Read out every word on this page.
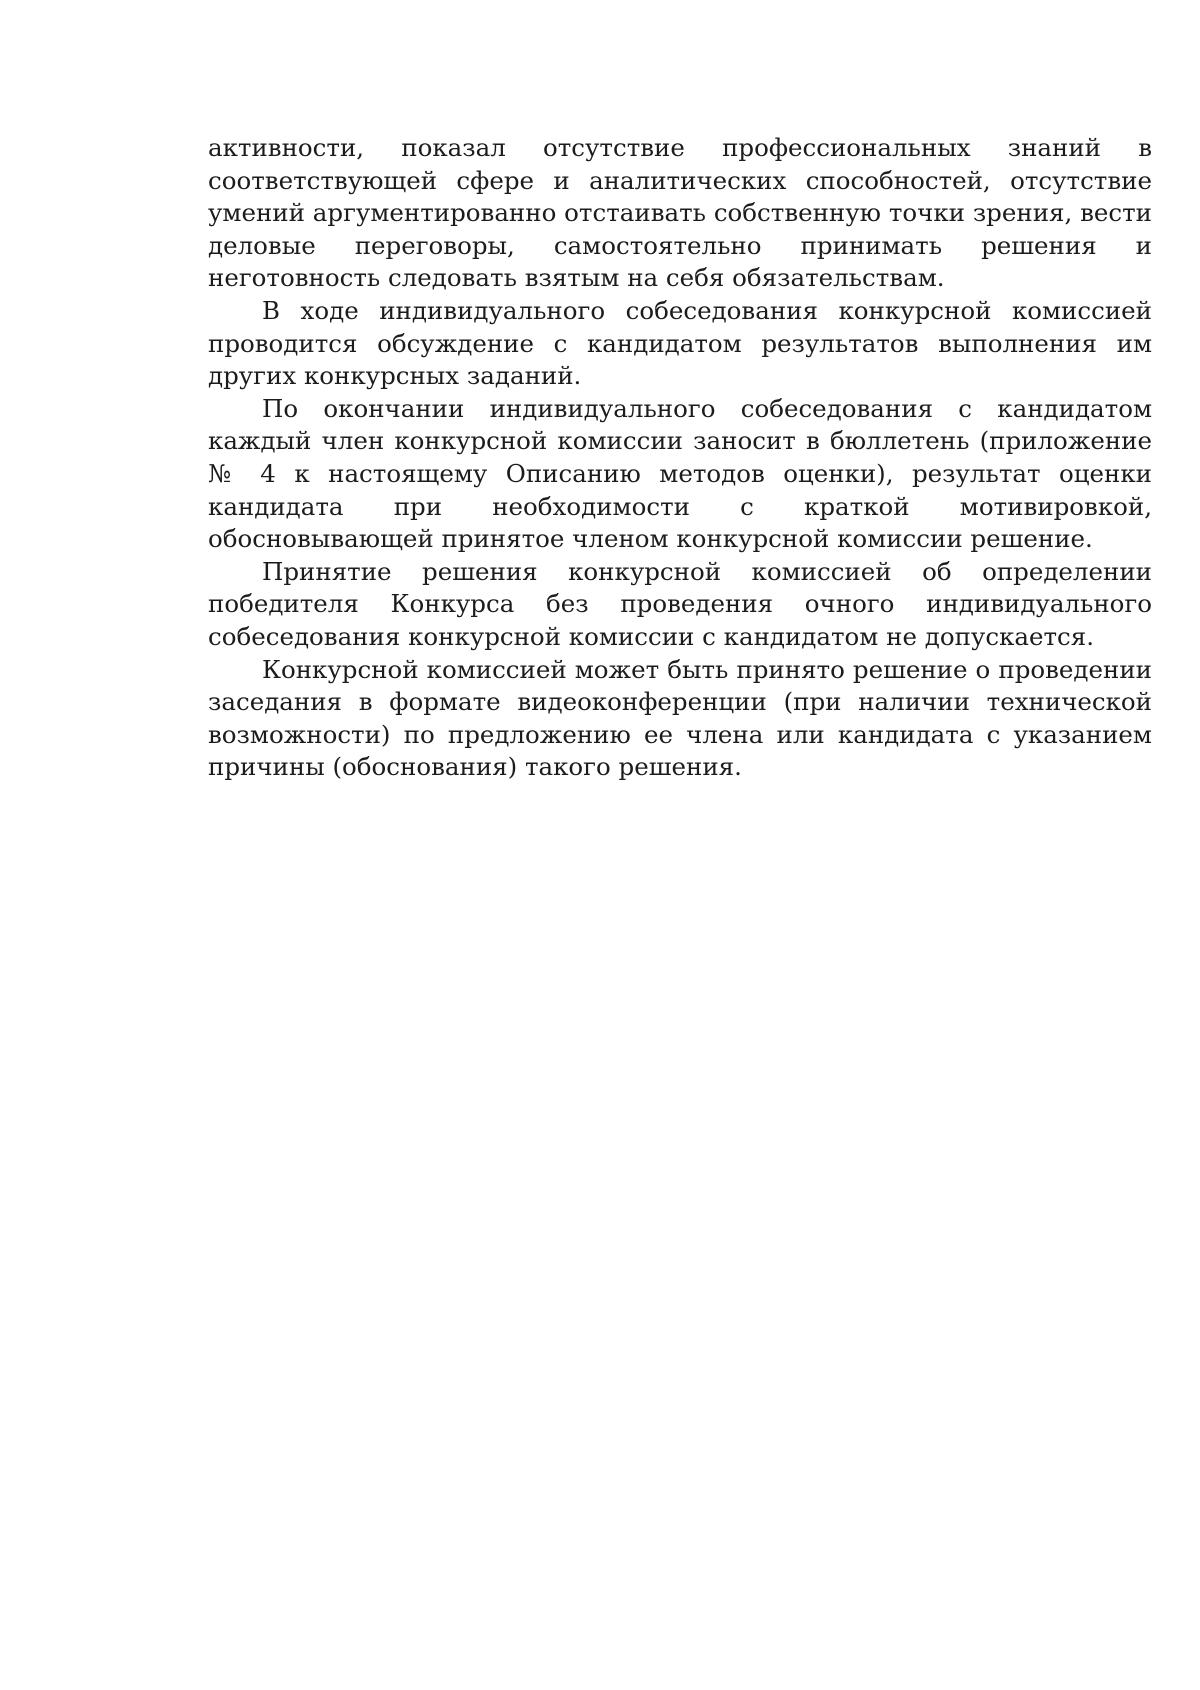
активности, показал отсутствие профессиональных знаний в соответствующей сфере и аналитических способностей, отсутствие умений аргументированно отстаивать собственную точки зрения, вести деловые переговоры, самостоятельно принимать решения и неготовность следовать взятым на себя обязательствам.

В ходе индивидуального собеседования конкурсной комиссией проводится обсуждение с кандидатом результатов выполнения им других конкурсных заданий.

По окончании индивидуального собеседования с кандидатом каждый член конкурсной комиссии заносит в бюллетень (приложение № 4 к настоящему Описанию методов оценки), результат оценки кандидата при необходимости с краткой мотивировкой, обосновывающей принятое членом конкурсной комиссии решение.

Принятие решения конкурсной комиссией об определении победителя Конкурса без проведения очного индивидуального собеседования конкурсной комиссии с кандидатом не допускается.

Конкурсной комиссией может быть принято решение о проведении заседания в формате видеоконференции (при наличии технической возможности) по предложению ее члена или кандидата с указанием причины (обоснования) такого решения.
